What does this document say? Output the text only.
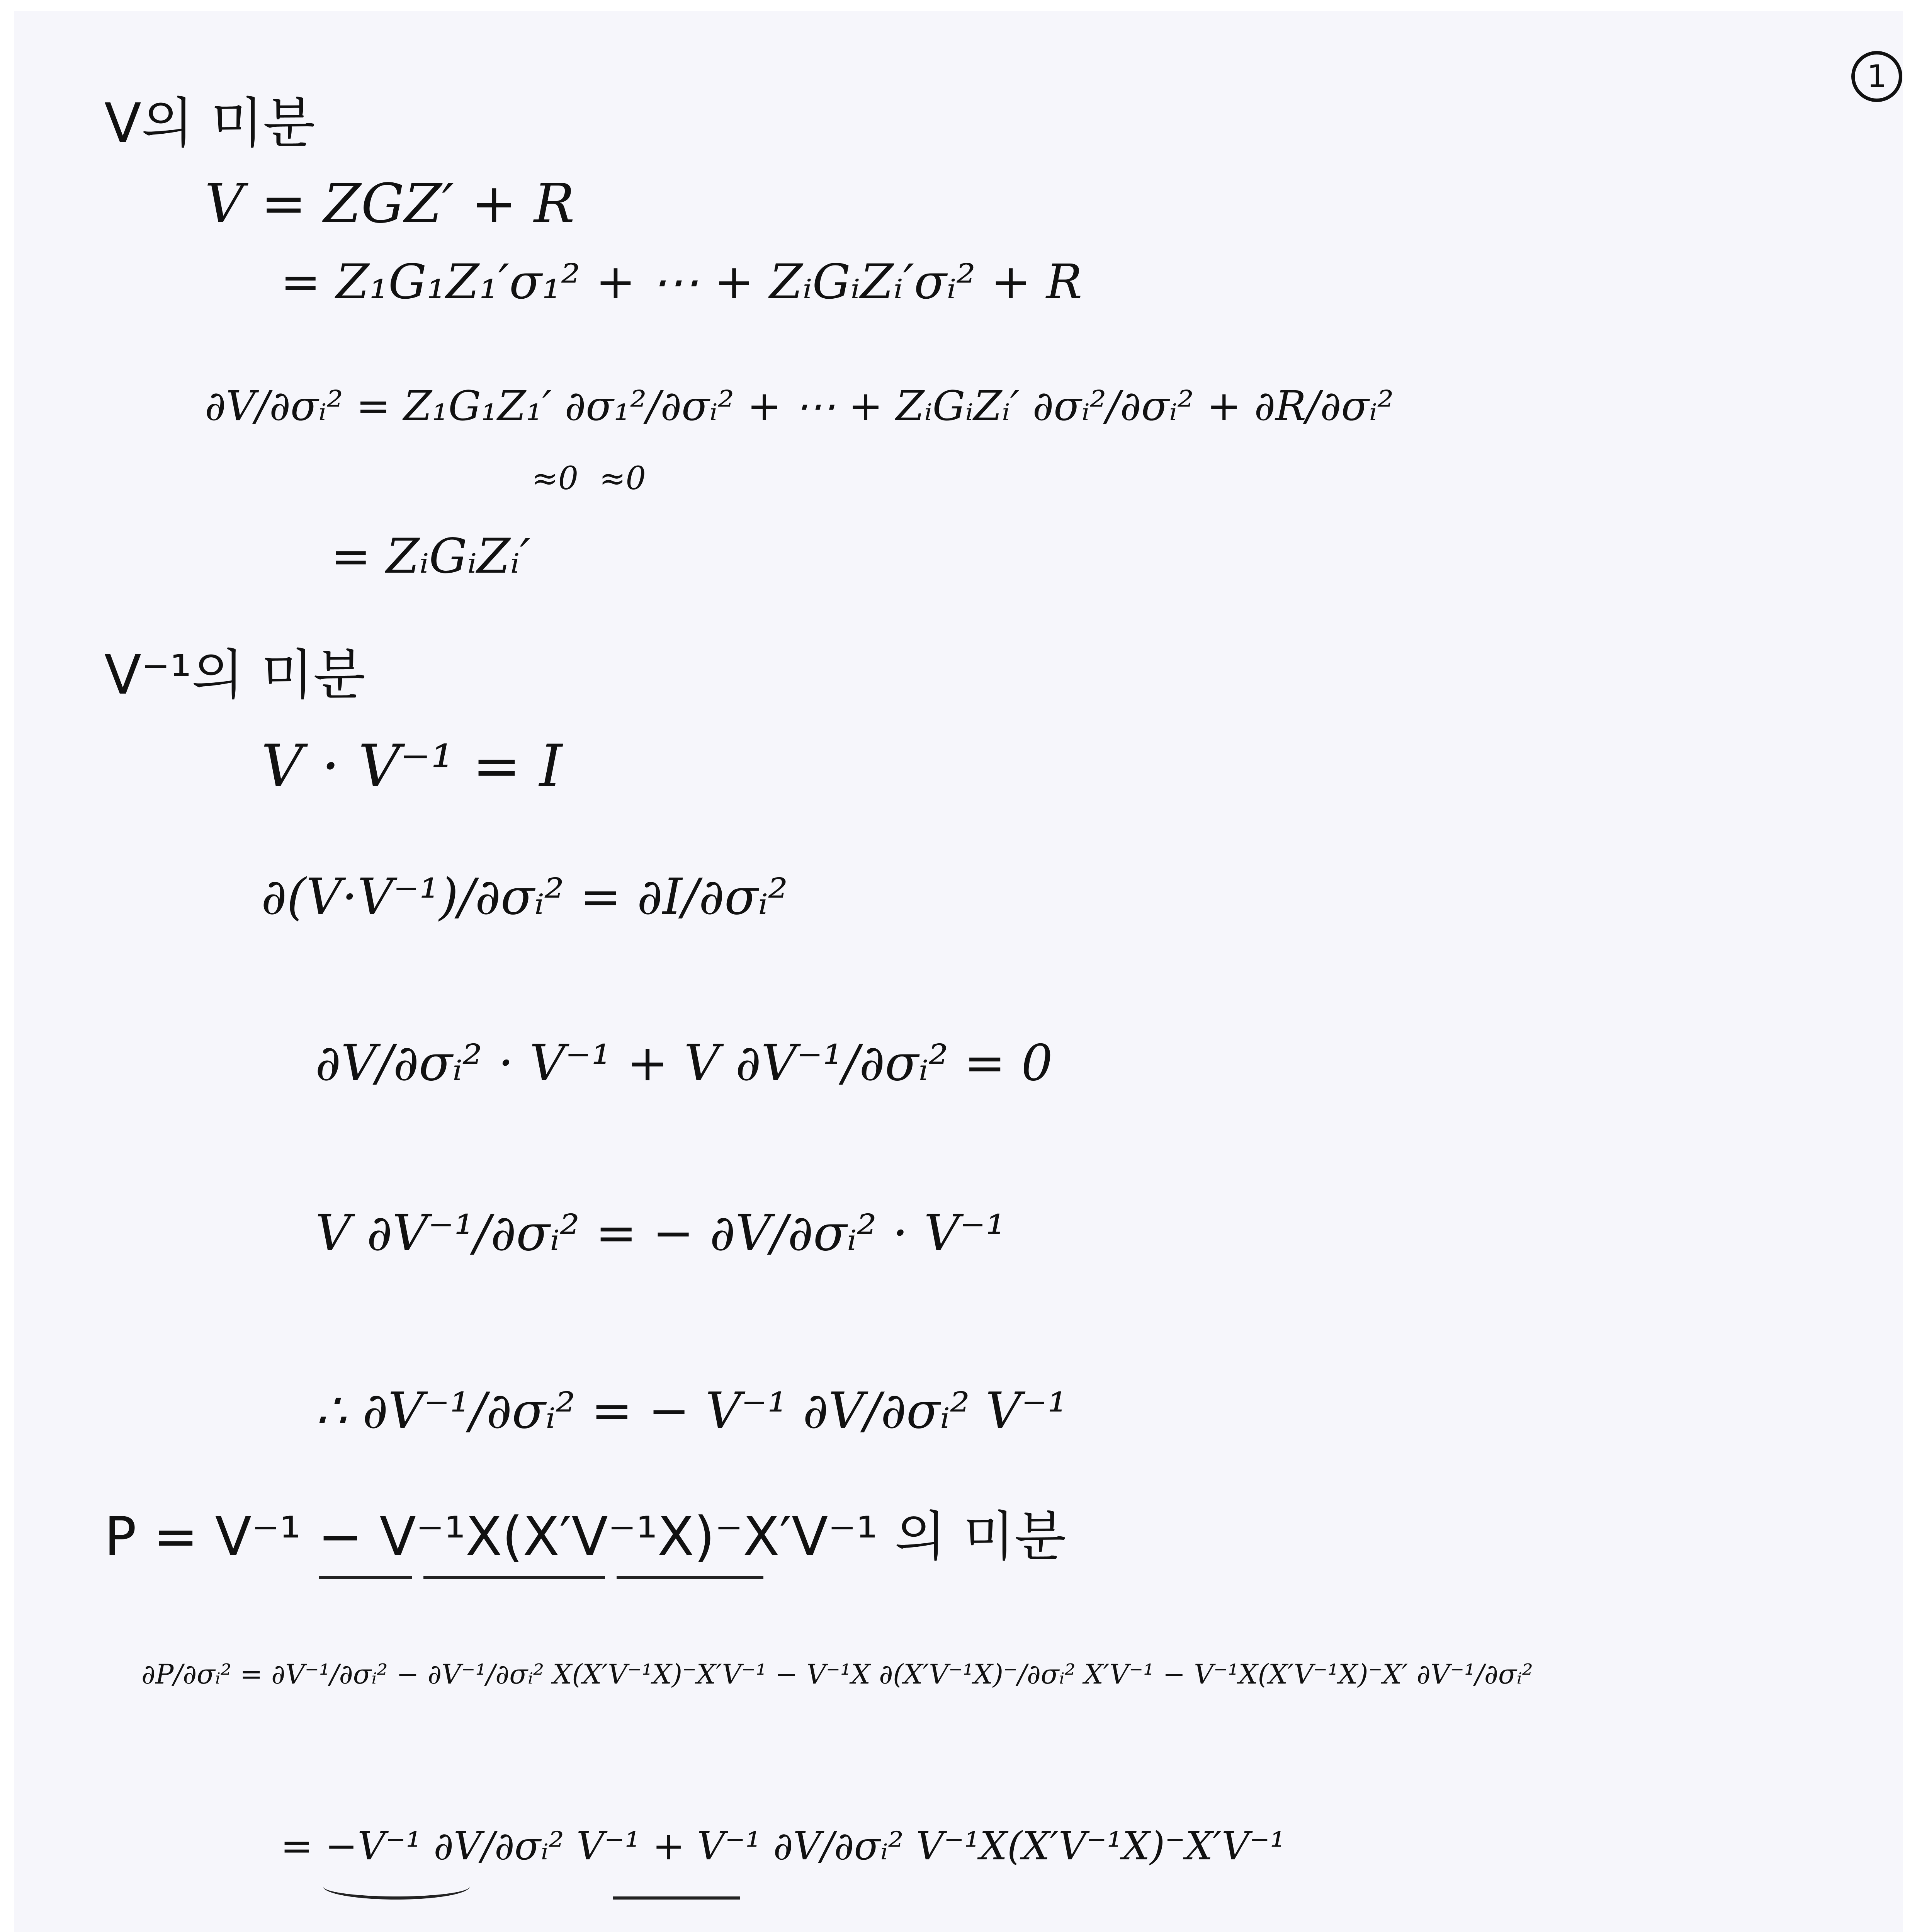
1
V의 미분
V = ZGZ′ + R
= Z₁G₁Z₁′σ₁² + ⋯ + ZᵢGᵢZᵢ′σᵢ² + R
∂V/∂σᵢ² = Z₁G₁Z₁′ ∂σ₁²/∂σᵢ² + ⋯ + ZᵢGᵢZᵢ′ ∂σᵢ²/∂σᵢ² + ∂R/∂σᵢ²
≈0 ≈0
= ZᵢGᵢZᵢ′
V⁻¹의 미분
V · V⁻¹ = I
∂(V·V⁻¹)/∂σᵢ² = ∂I/∂σᵢ²
∂V/∂σᵢ² · V⁻¹ + V ∂V⁻¹/∂σᵢ² = 0
V ∂V⁻¹/∂σᵢ² = − ∂V/∂σᵢ² · V⁻¹
∴ ∂V⁻¹/∂σᵢ² = − V⁻¹ ∂V/∂σᵢ² V⁻¹
P = V⁻¹ − V⁻¹X(X′V⁻¹X)⁻X′V⁻¹ 의 미분
∂P/∂σᵢ² = ∂V⁻¹/∂σᵢ² − ∂V⁻¹/∂σᵢ² X(X′V⁻¹X)⁻X′V⁻¹ − V⁻¹X ∂(X′V⁻¹X)⁻/∂σᵢ² X′V⁻¹ − V⁻¹X(X′V⁻¹X)⁻X′ ∂V⁻¹/∂σᵢ²
= −V⁻¹ ∂V/∂σᵢ² V⁻¹ + V⁻¹ ∂V/∂σᵢ² V⁻¹X(X′V⁻¹X)⁻X′V⁻¹
